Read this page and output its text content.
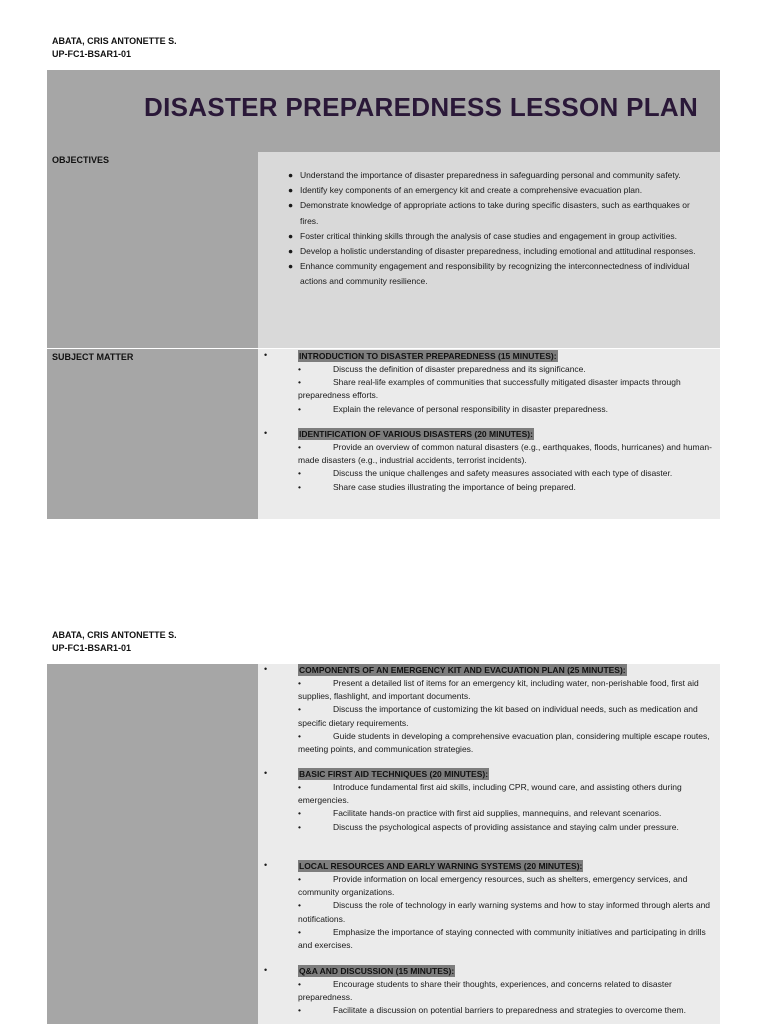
ABATA, CRIS ANTONETTE S.
UP-FC1-BSAR1-01
DISASTER PREPAREDNESS LESSON PLAN
OBJECTIVES
● Understand the importance of disaster preparedness in safeguarding personal and community safety.
● Identify key components of an emergency kit and create a comprehensive evacuation plan.
● Demonstrate knowledge of appropriate actions to take during specific disasters, such as earthquakes or fires.
● Foster critical thinking skills through the analysis of case studies and engagement in group activities.
● Develop a holistic understanding of disaster preparedness, including emotional and attitudinal responses.
● Enhance community engagement and responsibility by recognizing the interconnectedness of individual actions and community resilience.
SUBJECT MATTER	•	INTRODUCTION TO DISASTER PREPAREDNESS (15 MINUTES):
•	Discuss the definition of disaster preparedness and its significance.
•	Share real-life examples of communities that successfully mitigated disaster impacts through preparedness efforts.
•	Explain the relevance of personal responsibility in disaster preparedness.
•	IDENTIFICATION OF VARIOUS DISASTERS (20 MINUTES):
•	Provide an overview of common natural disasters (e.g., earthquakes, floods, hurricanes) and human-made disasters (e.g., industrial accidents, terrorist incidents).
•	Discuss the unique challenges and safety measures associated with each type of disaster.
•	Share case studies illustrating the importance of being prepared.
ABATA, CRIS ANTONETTE S.
UP-FC1-BSAR1-01
•	COMPONENTS OF AN EMERGENCY KIT AND EVACUATION PLAN (25 MINUTES):
•	Present a detailed list of items for an emergency kit, including water, non-perishable food, first aid supplies, flashlight, and important documents.
•	Discuss the importance of customizing the kit based on individual needs, such as medication and specific dietary requirements.
•	Guide students in developing a comprehensive evacuation plan, considering multiple escape routes, meeting points, and communication strategies.
•	BASIC FIRST AID TECHNIQUES (20 MINUTES):
•	Introduce fundamental first aid skills, including CPR, wound care, and assisting others during emergencies.
•	Facilitate hands-on practice with first aid supplies, mannequins, and relevant scenarios.
•	Discuss the psychological aspects of providing assistance and staying calm under pressure.
•	LOCAL RESOURCES AND EARLY WARNING SYSTEMS (20 MINUTES):
•	Provide information on local emergency resources, such as shelters, emergency services, and community organizations.
•	Discuss the role of technology in early warning systems and how to stay informed through alerts and notifications.
•	Emphasize the importance of staying connected with community initiatives and participating in drills and exercises.
•	Q&A AND DISCUSSION (15 MINUTES):
•	Encourage students to share their thoughts, experiences, and concerns related to disaster preparedness.
•	Facilitate a discussion on potential barriers to preparedness and strategies to overcome them.
